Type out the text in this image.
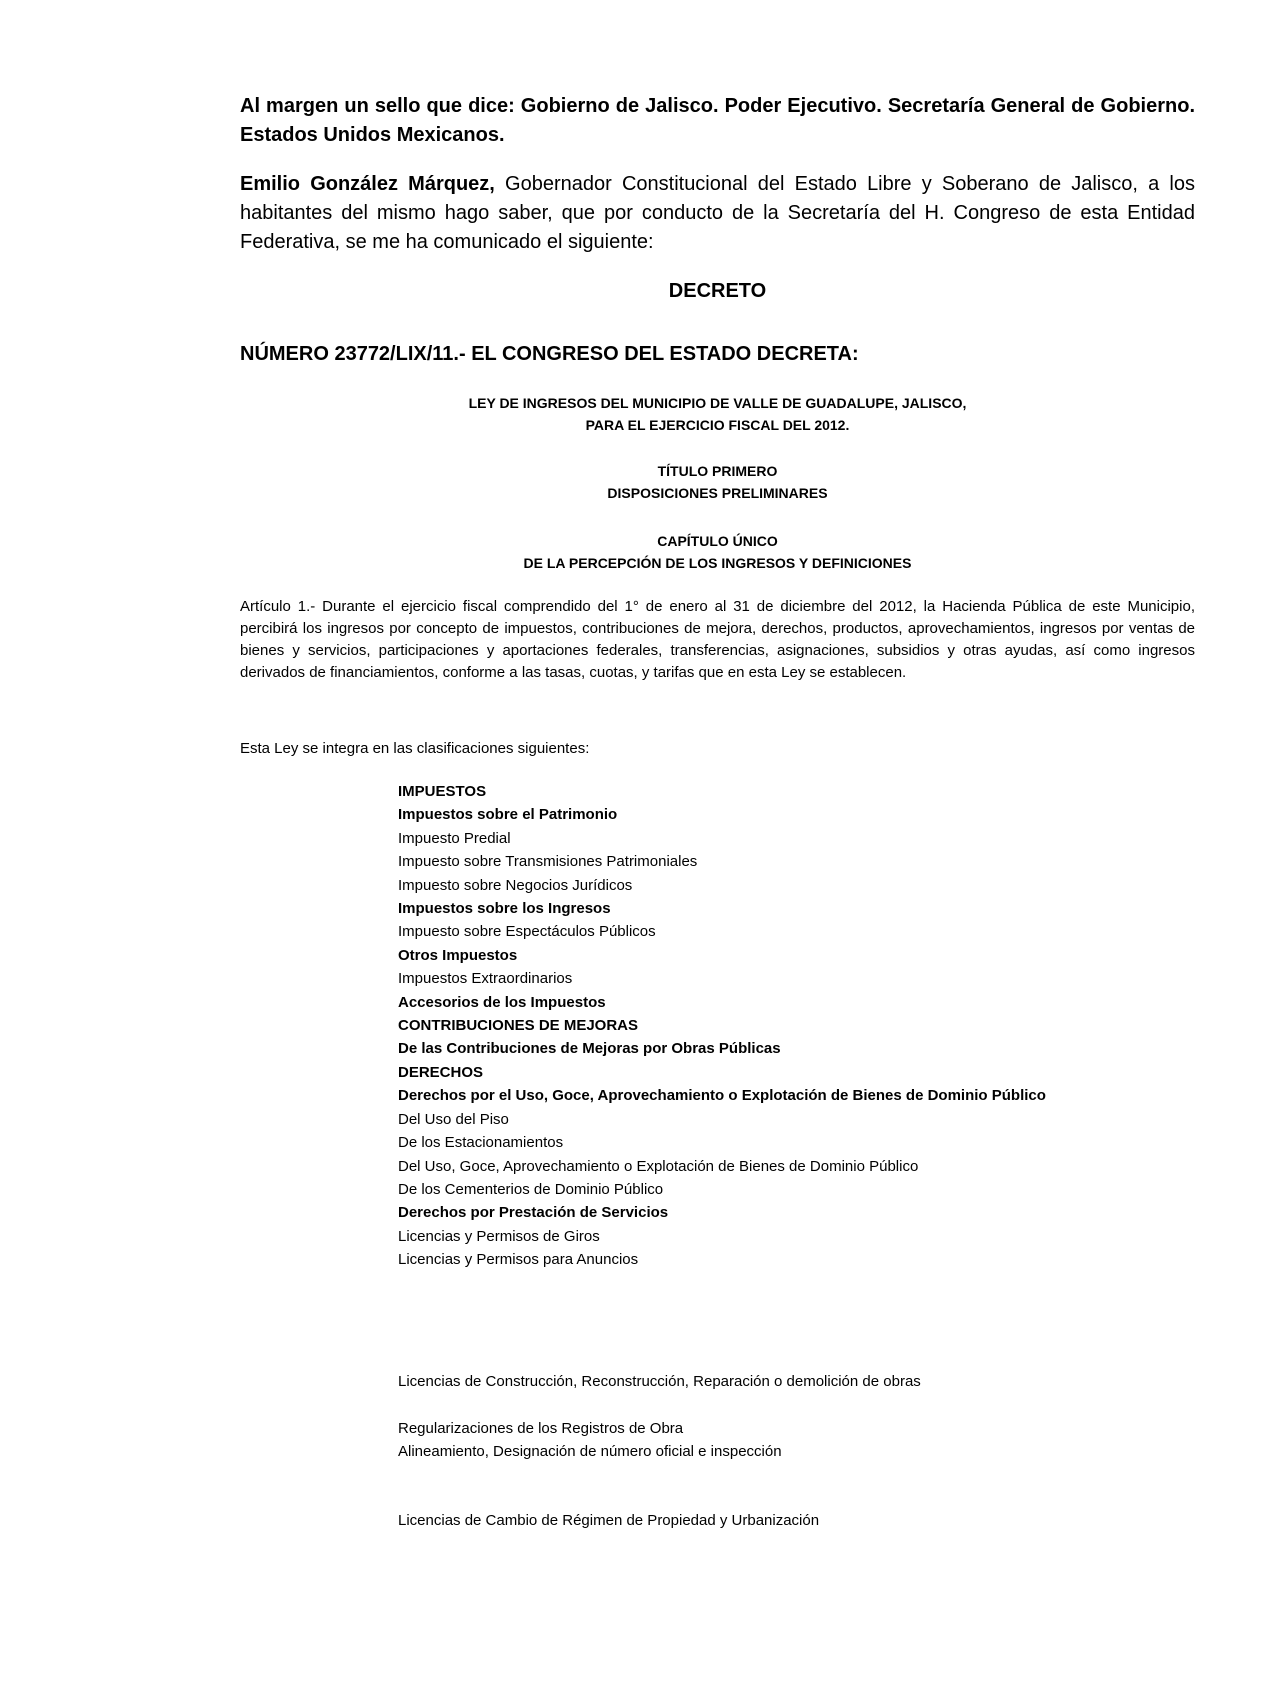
Al margen un sello que dice: Gobierno de Jalisco. Poder Ejecutivo. Secretaría General de Gobierno. Estados Unidos Mexicanos.
Emilio González Márquez, Gobernador Constitucional del Estado Libre y Soberano de Jalisco, a los habitantes del mismo hago saber, que por conducto de la Secretaría del H. Congreso de esta Entidad Federativa, se me ha comunicado el siguiente:
DECRETO
NÚMERO 23772/LIX/11.- EL CONGRESO DEL ESTADO DECRETA:
LEY DE INGRESOS DEL MUNICIPIO DE VALLE DE GUADALUPE, JALISCO,
PARA EL EJERCICIO FISCAL DEL 2012.
TÍTULO PRIMERO
DISPOSICIONES PRELIMINARES
CAPÍTULO ÚNICO
DE LA PERCEPCIÓN DE LOS INGRESOS Y DEFINICIONES
Artículo 1.- Durante el ejercicio fiscal comprendido del 1° de enero al 31 de diciembre del 2012, la Hacienda Pública de este Municipio, percibirá los ingresos por concepto de impuestos, contribuciones de mejora, derechos, productos, aprovechamientos, ingresos por ventas de bienes y servicios, participaciones y aportaciones federales, transferencias, asignaciones, subsidios y otras ayudas, así como ingresos derivados de financiamientos, conforme a las tasas, cuotas, y tarifas que en esta Ley se establecen.
Esta Ley se integra en las clasificaciones siguientes:
IMPUESTOS
Impuestos sobre el Patrimonio
Impuesto Predial
Impuesto sobre Transmisiones Patrimoniales
Impuesto sobre Negocios Jurídicos
Impuestos sobre los Ingresos
Impuesto sobre Espectáculos Públicos
Otros Impuestos
Impuestos Extraordinarios
Accesorios de los Impuestos
CONTRIBUCIONES DE MEJORAS
De las Contribuciones de Mejoras por Obras Públicas
DERECHOS
Derechos por el Uso, Goce, Aprovechamiento o Explotación de Bienes de Dominio Público
Del Uso del Piso
De los Estacionamientos
Del Uso, Goce, Aprovechamiento o Explotación de Bienes de Dominio Público
De los Cementerios de Dominio Público
Derechos por Prestación de Servicios
Licencias y Permisos de Giros
Licencias y Permisos para Anuncios
Licencias de Construcción, Reconstrucción, Reparación o demolición de obras
Regularizaciones de los Registros de Obra
Alineamiento, Designación de número oficial e inspección
Licencias de Cambio de Régimen de Propiedad y Urbanización
